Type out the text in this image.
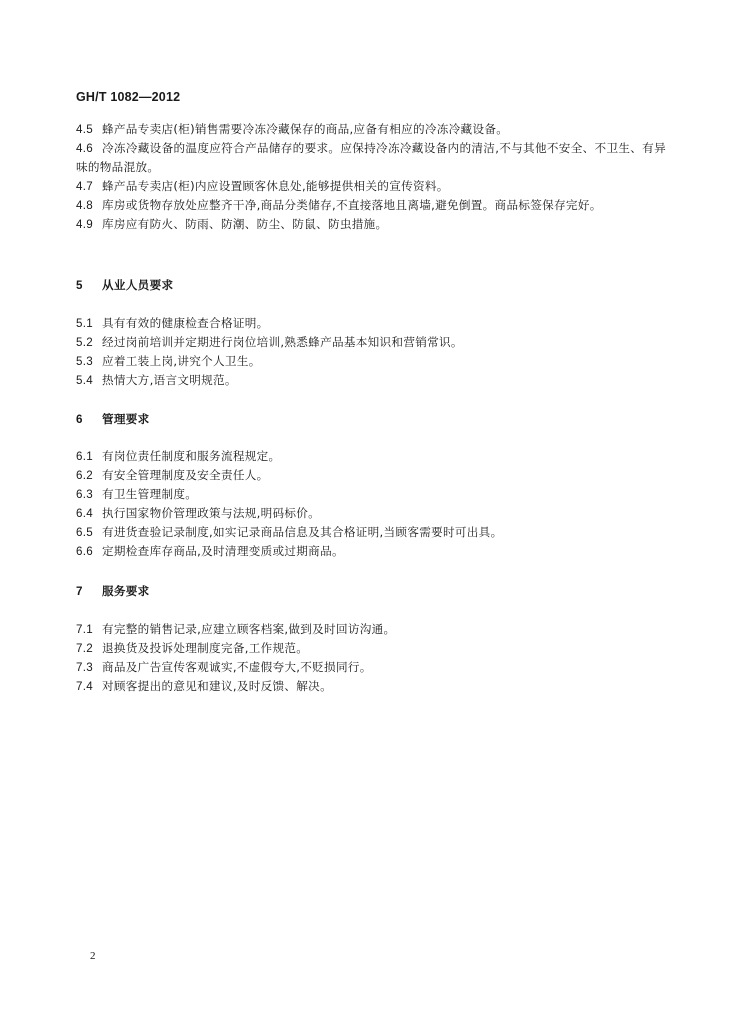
GH/T 1082—2012

4.5 蜂产品专卖店(柜)销售需要冷冻冷藏保存的商品,应备有相应的冷冻冷藏设备。

4.6 冷冻冷藏设备的温度应符合产品储存的要求。应保持冷冻冷藏设备内的清洁,不与其他不安全、不卫生、有异味的物品混放。

4.7 蜂产品专卖店(柜)内应设置顾客休息处,能够提供相关的宣传资料。

4.8 库房或货物存放处应整齐干净,商品分类储存,不直接落地且离墙,避免倒置。商品标签保存完好。

4.9 库房应有防火、防雨、防潮、防尘、防鼠、防虫措施。

5 从业人员要求

5.1 具有有效的健康检查合格证明。

5.2 经过岗前培训并定期进行岗位培训,熟悉蜂产品基本知识和营销常识。

5.3 应着工装上岗,讲究个人卫生。

5.4 热情大方,语言文明规范。

6 管理要求

6.1 有岗位责任制度和服务流程规定。

6.2 有安全管理制度及安全责任人。

6.3 有卫生管理制度。

6.4 执行国家物价管理政策与法规,明码标价。

6.5 有进货查验记录制度,如实记录商品信息及其合格证明,当顾客需要时可出具。

6.6 定期检查库存商品,及时清理变质或过期商品。

7 服务要求

7.1 有完整的销售记录,应建立顾客档案,做到及时回访沟通。

7.2 退换货及投诉处理制度完备,工作规范。

7.3 商品及广告宣传客观诚实,不虚假夸大,不贬损同行。

7.4 对顾客提出的意见和建议,及时反馈、解决。

2
